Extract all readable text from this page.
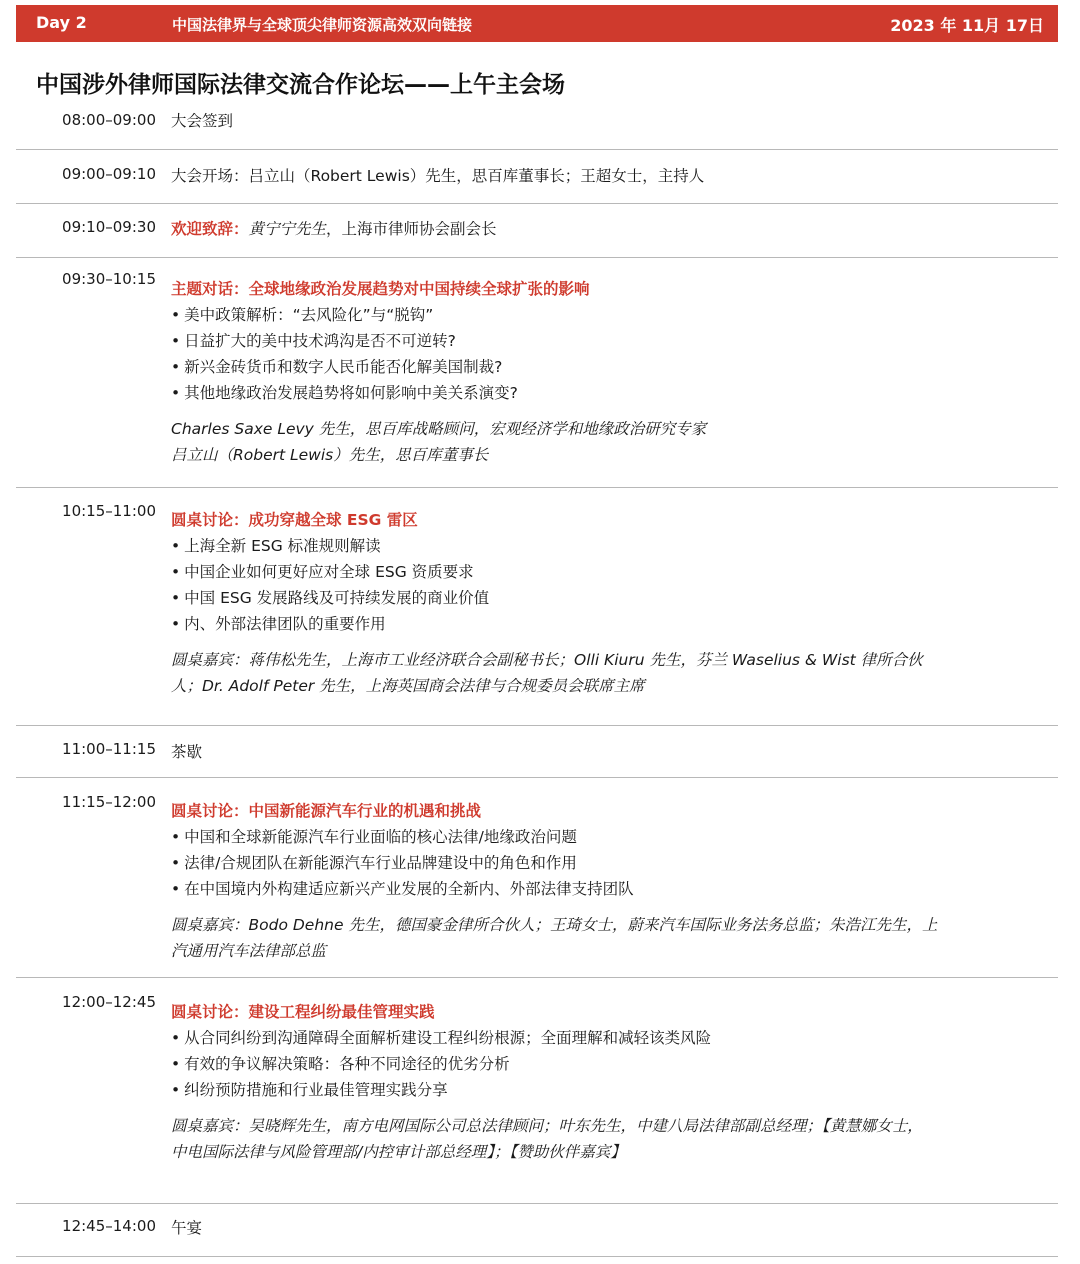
Day 2	中国法律界与全球顶尖律师资源高效双向链接	2023 年 11月 17日
中国涉外律师国际法律交流合作论坛——上午主会场
08:00–09:00 大会签到
09:00–09:10 大会开场：吕立山（Robert Lewis）先生，思百库董事长；王超女士，主持人
09:10–09:30 欢迎致辞：黄宁宁先生，上海市律师协会副会长
09:30–10:15
主题对话：全球地缘政治发展趋势对中国持续全球扩张的影响
• 美中政策解析：“去风险化”与“脱钩”
• 日益扩大的美中技术鸿沟是否不可逆转?
• 新兴金砖货币和数字人民币能否化解美国制裁?
• 其他地缘政治发展趋势将如何影响中美关系演变?
Charles Saxe Levy 先生，思百库战略顾问，宏观经济学和地缘政治研究专家
吕立山（Robert Lewis）先生，思百库董事长
10:15–11:00 圆桌讨论：成功穿越全球 ESG 雷区
• 上海全新 ESG 标准规则解读
• 中国企业如何更好应对全球 ESG 资质要求
• 中国 ESG 发展路线及可持续发展的商业价值
• 内、外部法律团队的重要作用
圆桌嘉宾：蒋伟松先生，上海市工业经济联合会副秘书长；Olli Kiuru 先生，芬兰 Waselius & Wist 律所合伙
人；Dr. Adolf Peter 先生，上海英国商会法律与合规委员会联席主席
11:00–11:15 茶歇
11:15–12:00 圆桌讨论：中国新能源汽车行业的机遇和挑战
• 中国和全球新能源汽车行业面临的核心法律/地缘政治问题
• 法律/合规团队在新能源汽车行业品牌建设中的角色和作用
• 在中国境内外构建适应新兴产业发展的全新内、外部法律支持团队
圆桌嘉宾：Bodo Dehne 先生，德国豪金律所合伙人；王琦女士，蔚来汽车国际业务法务总监；朱浩江先生，上
汽通用汽车法律部总监
12:00–12:45
圆桌讨论：建设工程纠纷最佳管理实践
• 从合同纠纷到沟通障碍全面解析建设工程纠纷根源；全面理解和减轻该类风险
• 有效的争议解决策略：各种不同途径的优劣分析
• 纠纷预防措施和行业最佳管理实践分享
圆桌嘉宾：吴晓辉先生，南方电网国际公司总法律顾问；叶东先生，中建八局法律部副总经理；【黄慧娜女士，
中电国际法律与风险管理部/内控审计部总经理】；【赞助伙伴嘉宾】
12:45–14:00 午宴
